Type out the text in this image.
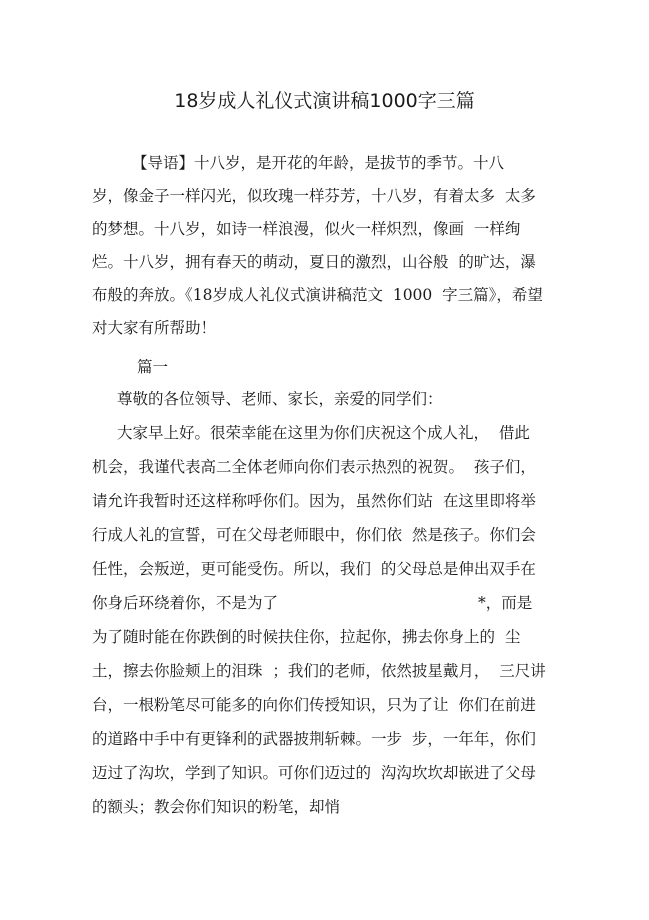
18岁成人礼仪式演讲稿1000字三篇
【导语】十八岁，是开花的年龄，是拔节的季节。十八
岁，像金子一样闪光，似玫瑰一样芬芳，十八岁，有着太多  太多
的梦想。十八岁，如诗一样浪漫，似火一样炽烈，像画  一样绚
烂。十八岁，拥有春天的萌动，夏日的激烈，山谷般  的旷达，瀑
布般的奔放。《18岁成人礼仪式演讲稿范文  1000  字三篇》，希望
对大家有所帮助！
篇一
尊敬的各位领导、老师、家长，亲爱的同学们：
大家早上好。很荣幸能在这里为你们庆祝这个成人礼，  借此
机会，我谨代表高二全体老师向你们表示热烈的祝贺。  孩子们，
请允许我暂时还这样称呼你们。因为，虽然你们站  在这里即将举
行成人礼的宣誓，可在父母老师眼中，你们依  然是孩子。你们会
任性，会叛逆，更可能受伤。所以，我们  的父母总是伸出双手在
你身后环绕着你，不是为了	*，而是
为了随时能在你跌倒的时候扶住你，拉起你，拂去你身上的  尘
土，擦去你脸颊上的泪珠  ；我们的老师，依然披星戴月，  三尺讲
台，一根粉笔尽可能多的向你们传授知识，只为了让  你们在前进
的道路中手中有更锋利的武器披荆斩棘。一步  步，一年年，你们
迈过了沟坎，学到了知识。可你们迈过的  沟沟坎坎却嵌进了父母
的额头；教会你们知识的粉笔，却悄
